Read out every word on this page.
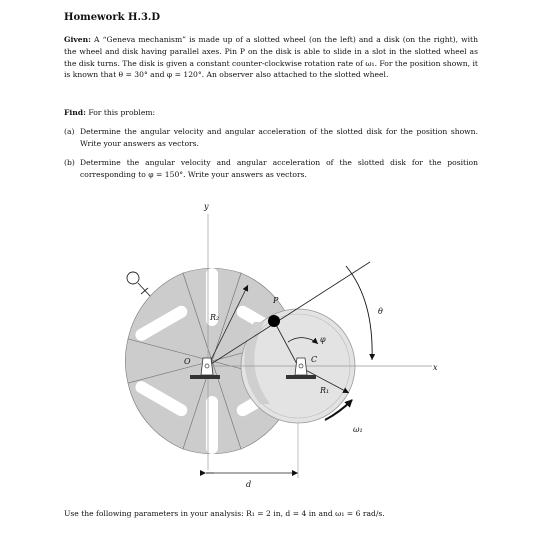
Homework H.3.D
Given: A “Geneva mechanism” is made up of a slotted wheel (on the left) and a disk (on the right), with the wheel and disk having parallel axes. Pin P on the disk is able to slide in a slot in the slotted wheel as the disk turns. The disk is given a constant counter-clockwise rotation rate of ω₁. For the position shown, it is known that θ = 30° and φ = 120°. An observer also attached to the slotted wheel.
Find: For this problem:
(a) Determine the angular velocity and angular acceleration of the slotted disk for the position shown. Write your answers as vectors.
(b) Determine the angular velocity and angular acceleration of the slotted disk for the position corresponding to φ = 150°. Write your answers as vectors.
y
x
P
O	C
R₂
R₁
θ
φ
ω₁
d
Use the following parameters in your analysis: R₁ = 2 in, d = 4 in and ω₁ = 6 rad/s.
